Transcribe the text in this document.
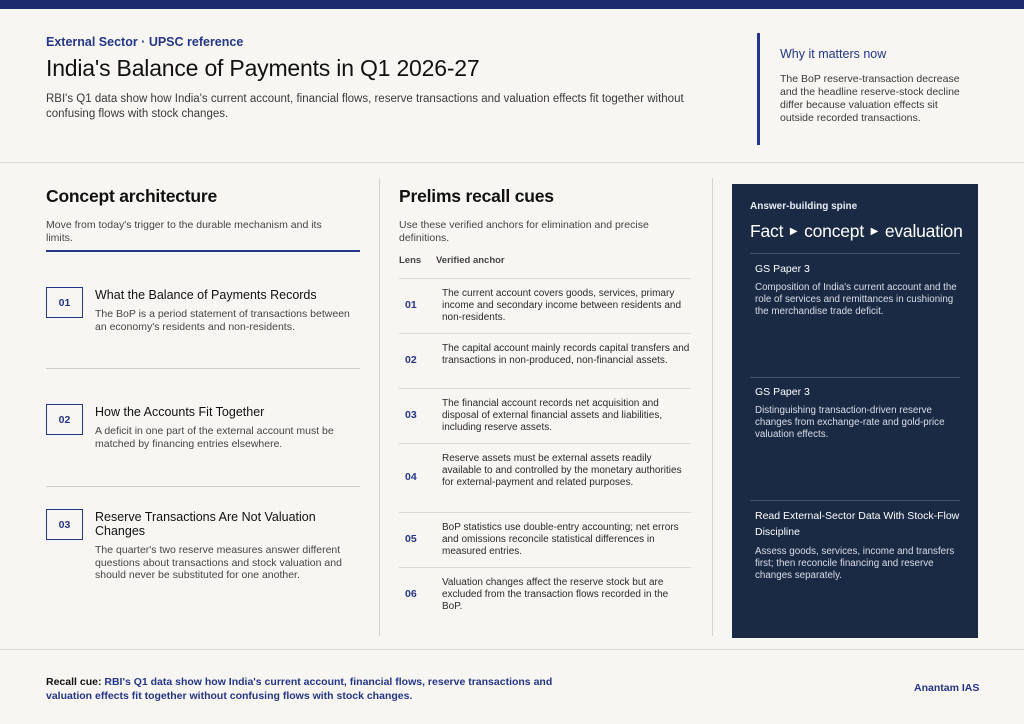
External Sector · UPSC reference
India's Balance of Payments in Q1 2026-27

RBI's Q1 data show how India's current account, financial flows, reserve transactions and valuation effects fit together without confusing flows with stock changes.

Why it matters now
The BoP reserve-transaction decrease and the headline reserve-stock decline differ because valuation effects sit outside recorded transactions.
Concept architecture

Move from today's trigger to the durable mechanism and its limits.

01
What the Balance of Payments Records
The BoP is a period statement of transactions between an economy's residents and non-residents.
02
How the Accounts Fit Together
A deficit in one part of the external account must be matched by financing entries elsewhere.
03
Reserve Transactions Are Not Valuation Changes
The quarter's two reserve measures answer different questions about transactions and stock valuation and should never be substituted for one another.
Prelims recall cues

Use these verified anchors for elimination and precise definitions.

Lens Verified anchor
01
The current account covers goods, services, primary income and secondary income between residents and non-residents.
02
The capital account mainly records capital transfers and transactions in non-produced, non-financial assets.
03
The financial account records net acquisition and disposal of external financial assets and liabilities, including reserve assets.
04
Reserve assets must be external assets readily available to and controlled by the monetary authorities for external-payment and related purposes.
05
BoP statistics use double-entry accounting; net errors and omissions reconcile statistical differences in measured entries.
06
Valuation changes affect the reserve stock but are excluded from the transaction flows recorded in the BoP.
Answer-building spine
Fact ▶ concept ▶ evaluation
GS Paper 3
Composition of India's current account and the role of services and remittances in cushioning the merchandise trade deficit.
GS Paper 3
Distinguishing transaction-driven reserve changes from exchange-rate and gold-price valuation effects.
Read External-Sector Data With Stock-Flow Discipline
Assess goods, services, income and transfers first; then reconcile financing and reserve changes separately.
Recall cue: RBI's Q1 data show how India's current account, financial flows, reserve transactions and valuation effects fit together without confusing flows with stock changes.
Anantam IAS
